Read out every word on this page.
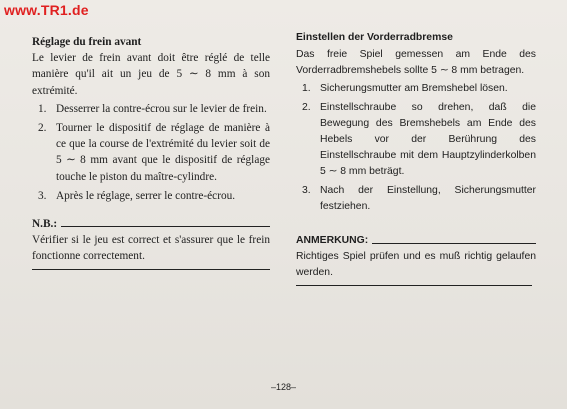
www.TR1.de
Réglage du frein avant
Le levier de frein avant doit être réglé de telle manière qu'il ait un jeu de 5 ∼ 8 mm à son extrémité.
1. Desserrer la contre-écrou sur le levier de frein.
2. Tourner le dispositif de réglage de manière à ce que la course de l'extrémité du levier soit de 5 ∼ 8 mm avant que le dispositif de réglage touche le piston du maître-cylindre.
3. Après le réglage, serrer le contre-écrou.
N.B.:
Vérifier si le jeu est correct et s'assurer que le frein fonctionne correctement.
Einstellen der Vorderradbremse
Das freie Spiel gemessen am Ende des Vorderradbremshebels sollte 5 ∼ 8 mm betragen.
1. Sicherungsmutter am Bremshebel lösen.
2. Einstellschraube so drehen, daß die Bewegung des Bremshebels am Ende des Hebels vor der Berührung des Einstellschraube mit dem Hauptzylinderkolben 5 ∼ 8 mm beträgt.
3. Nach der Einstellung, Sicherungsmutter festziehen.
ANMERKUNG:
Richtiges Spiel prüfen und es muß richtig gelaufen werden.
–128–
